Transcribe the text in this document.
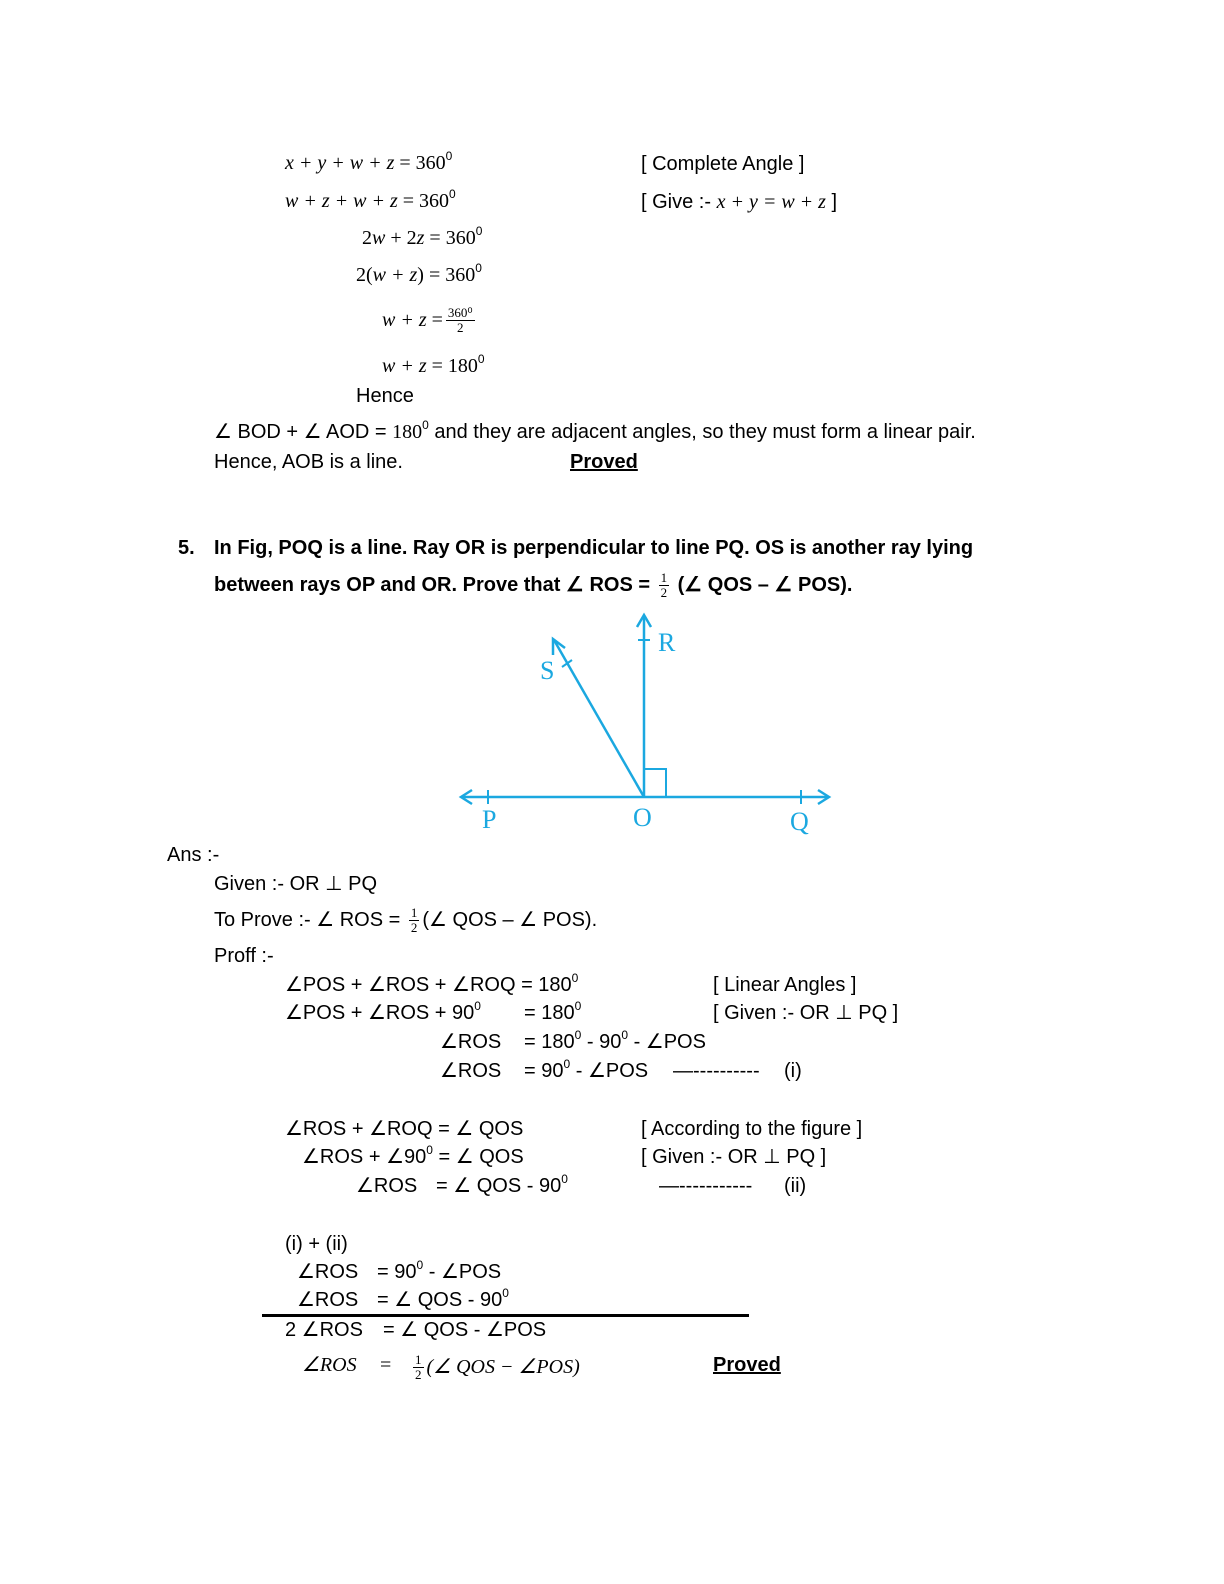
S
R
P	O	Q
$x + y + w + z = 360^0$	[ Complete Angle ]
$w + z + w + z = 360^0$	[ Give :- x + y = w + z ]
$2w + 2z = 360^0$
$2(w + z) = 360^0$
$w + z = \frac{\text{360⁰}}{2}$
$w + z = 180^0$
Hence
∠ BOD + ∠ AOD = $180^0$ and they are adjacent angles, so they must form a linear pair.
Hence, AOB is a line.	Proved
5. In Fig, POQ is a line. Ray OR is perpendicular to line PQ. OS is another ray lying
between rays OP and OR. Prove that ∠ ROS = $\frac{1}{2}$ (∠ QOS – ∠ POS).
Ans :-
Given :- OR ⊥ PQ
To Prove :- ∠ ROS = $\frac{1}{2}$ (∠ QOS – ∠ POS).
Proff :-
∠POS + ∠ROS + ∠ROQ = $180^0$	[ Linear Angles ]
∠POS + ∠ROS + $90^0 = 180^0$	[ Given :- OR ⊥ PQ ]
∠ROS = $180^0 - 90^0$ - ∠POS
∠ROS = $90^0$ - ∠POS —---------- (i)
∠ROS + ∠ROQ = ∠ QOS	[ According to the figure ]
∠ROS + $\angle 90^0$ = ∠ QOS	[ Given :- OR ⊥ PQ ]
∠ROS = ∠ QOS - $90^0$	—----------- (ii)
(i) + (ii)
∠ROS = $90^0$ - ∠POS
∠ROS = ∠ QOS - $90^0$
2 ∠ROS = ∠ QOS - ∠POS
∠ROS = $\frac{1}{2}$ (∠ QOS − ∠POS)	Proved
